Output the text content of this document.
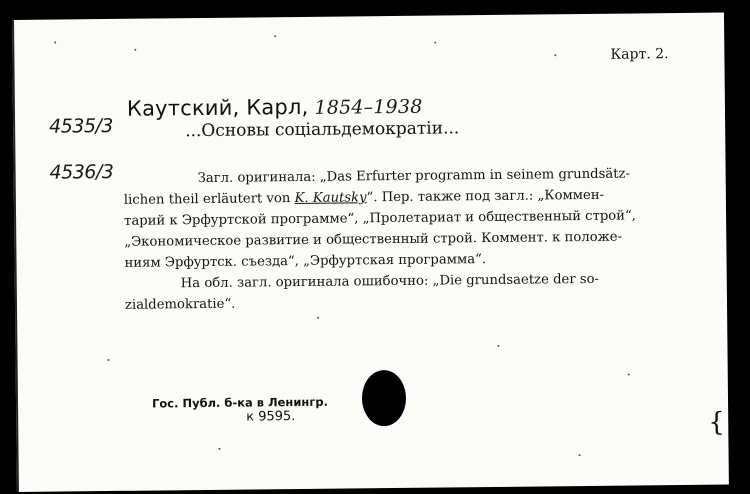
Карт. 2.
4535/3
4536/3
Каутский, Карл, 1854–1938
...Основы соціальдемократіи...
Загл. оригинала: „Das Erfurter programm in seinem grundsätz-
lichen theil erläutert von K. Kautsky“. Пер. также под загл.: „Коммен-
тарий к Эрфуртской программе“, „Пролетариат и общественный строй“,
„Экономическое развитие и общественный строй. Коммент. к положе-
ниям Эрфуртск. съезда“, „Эрфуртская программа“.
На обл. загл. оригинала ошибочно: „Die grundsaetze der so-
zialdemokratie“.
Гос. Публ. б-ка в Ленингр.
к 9595.	{
